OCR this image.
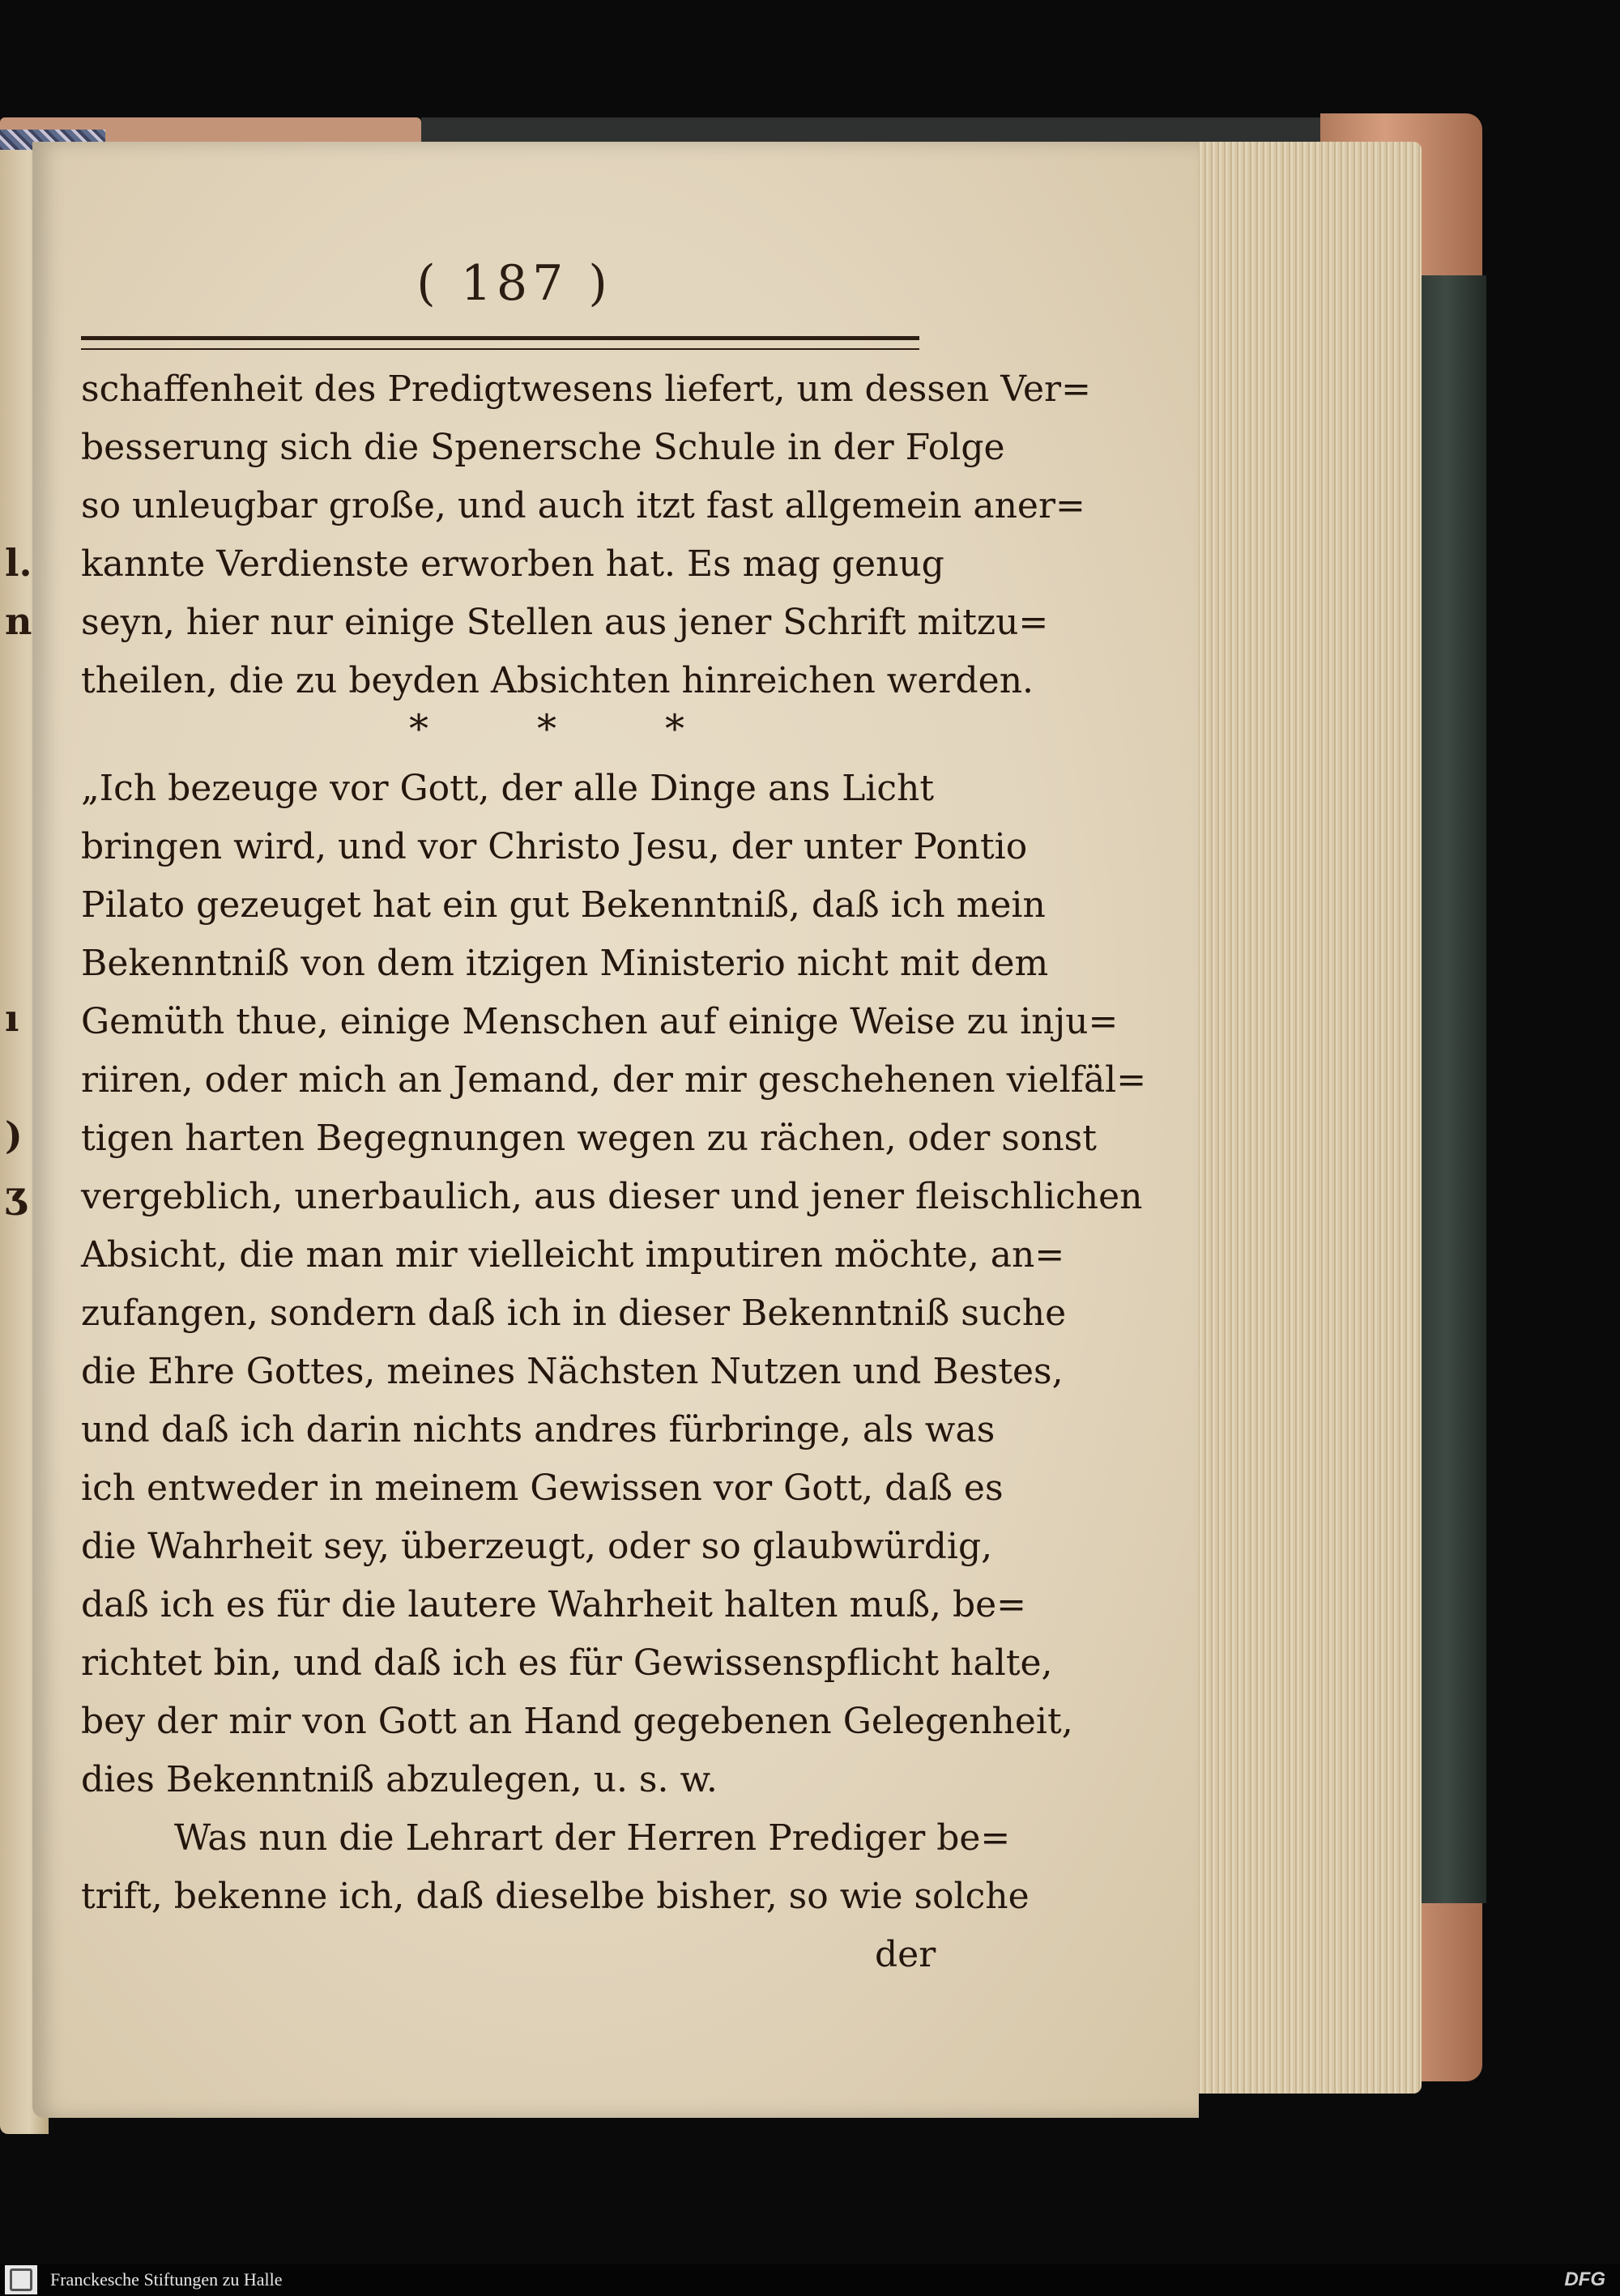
l.
n
ı
)
ʒ
( 187 )
schaffenheit des Predigtwesens liefert, um dessen Ver=
besserung sich die Spenersche Schule in der Folge
so unleugbar große, und auch itzt fast allgemein aner=
kannte Verdienste erworben hat. Es mag genug
seyn, hier nur einige Stellen aus jener Schrift mitzu=
theilen, die zu beyden Absichten hinreichen werden.
*	*	*
„Ich bezeuge vor Gott, der alle Dinge ans Licht
bringen wird, und vor Christo Jesu, der unter Pontio
Pilato gezeuget hat ein gut Bekenntniß, daß ich mein
Bekenntniß von dem itzigen Ministerio nicht mit dem
Gemüth thue, einige Menschen auf einige Weise zu inju=
riiren, oder mich an Jemand, der mir geschehenen vielfäl=
tigen harten Begegnungen wegen zu rächen, oder sonst
vergeblich, unerbaulich, aus dieser und jener fleischlichen
Absicht, die man mir vielleicht imputiren möchte, an=
zufangen, sondern daß ich in dieser Bekenntniß suche
die Ehre Gottes, meines Nächsten Nutzen und Bestes,
und daß ich darin nichts andres fürbringe, als was
ich entweder in meinem Gewissen vor Gott, daß es
die Wahrheit sey, überzeugt, oder so glaubwürdig,
daß ich es für die lautere Wahrheit halten muß, be=
richtet bin, und daß ich es für Gewissenspflicht halte,
bey der mir von Gott an Hand gegebenen Gelegenheit,
dies Bekenntniß abzulegen, u. s. w.
Was nun die Lehrart der Herren Prediger be=
trift, bekenne ich, daß dieselbe bisher, so wie solche
der
Franckesche Stiftungen zu Halle	DFG
